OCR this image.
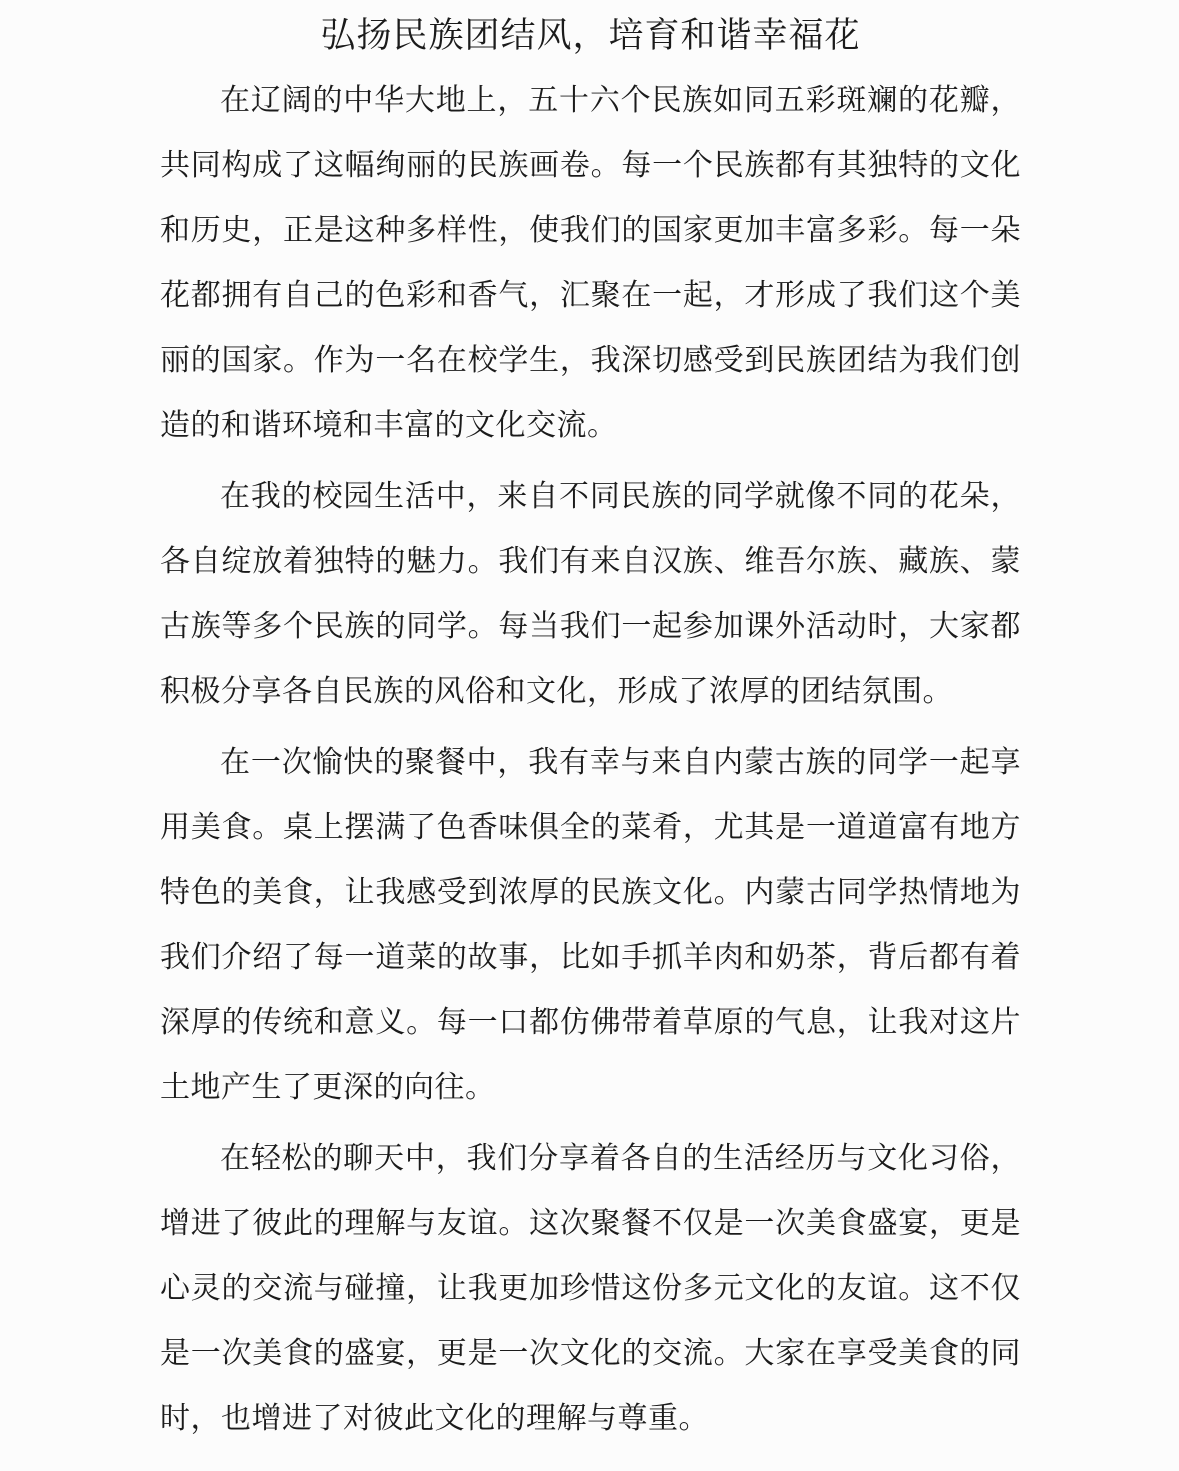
弘扬民族团结风，培育和谐幸福花

在辽阔的中华大地上，五十六个民族如同五彩斑斓的花瓣，共同构成了这幅绚丽的民族画卷。每一个民族都有其独特的文化和历史，正是这种多样性，使我们的国家更加丰富多彩。每一朵花都拥有自己的色彩和香气，汇聚在一起，才形成了我们这个美丽的国家。作为一名在校学生，我深切感受到民族团结为我们创造的和谐环境和丰富的文化交流。

在我的校园生活中，来自不同民族的同学就像不同的花朵，各自绽放着独特的魅力。我们有来自汉族、维吾尔族、藏族、蒙古族等多个民族的同学。每当我们一起参加课外活动时，大家都积极分享各自民族的风俗和文化，形成了浓厚的团结氛围。

在一次愉快的聚餐中，我有幸与来自内蒙古族的同学一起享用美食。桌上摆满了色香味俱全的菜肴，尤其是一道道富有地方特色的美食，让我感受到浓厚的民族文化。内蒙古同学热情地为我们介绍了每一道菜的故事，比如手抓羊肉和奶茶，背后都有着深厚的传统和意义。每一口都仿佛带着草原的气息，让我对这片土地产生了更深的向往。

在轻松的聊天中，我们分享着各自的生活经历与文化习俗，增进了彼此的理解与友谊。这次聚餐不仅是一次美食盛宴，更是心灵的交流与碰撞，让我更加珍惜这份多元文化的友谊。这不仅是一次美食的盛宴，更是一次文化的交流。大家在享受美食的同时，也增进了对彼此文化的理解与尊重。
